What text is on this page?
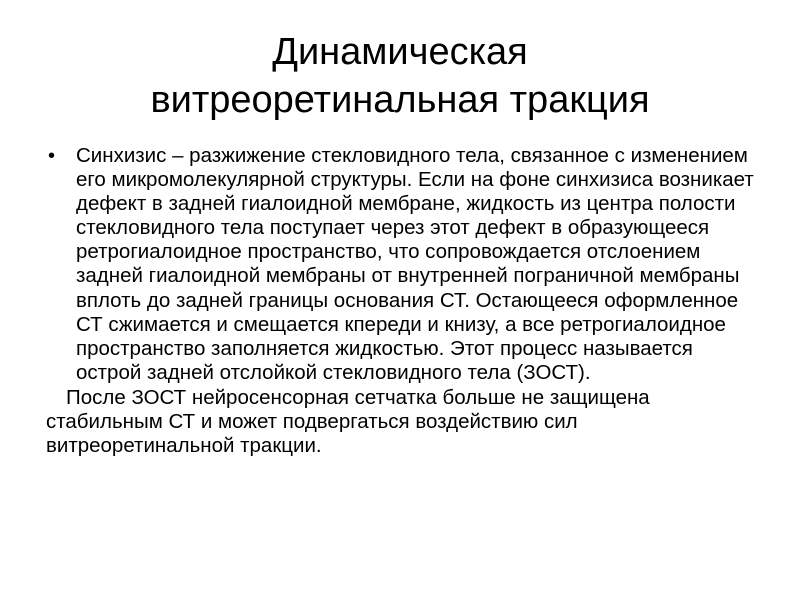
Динамическая
витреоретинальная тракция

• Синхизис – разжижение стекловидного тела, связанное с изменением его микромолекулярной структуры. Если на фоне синхизиса возникает дефект в задней гиалоидной мембране, жидкость из центра полости стекловидного тела поступает через этот дефект в образующееся ретрогиалоидное пространство, что сопровождается отслоением задней гиалоидной мембраны от внутренней пограничной мембраны вплоть до задней границы основания СТ. Остающееся оформленное СТ сжимается и смещается кпереди и книзу, а все ретрогиалоидное пространство заполняется жидкостью. Этот процесс называется острой задней отслойкой стекловидного тела (ЗОСТ).

После ЗОСТ нейросенсорная сетчатка больше не защищена стабильным СТ и может подвергаться воздействию сил витреоретинальной тракции.
